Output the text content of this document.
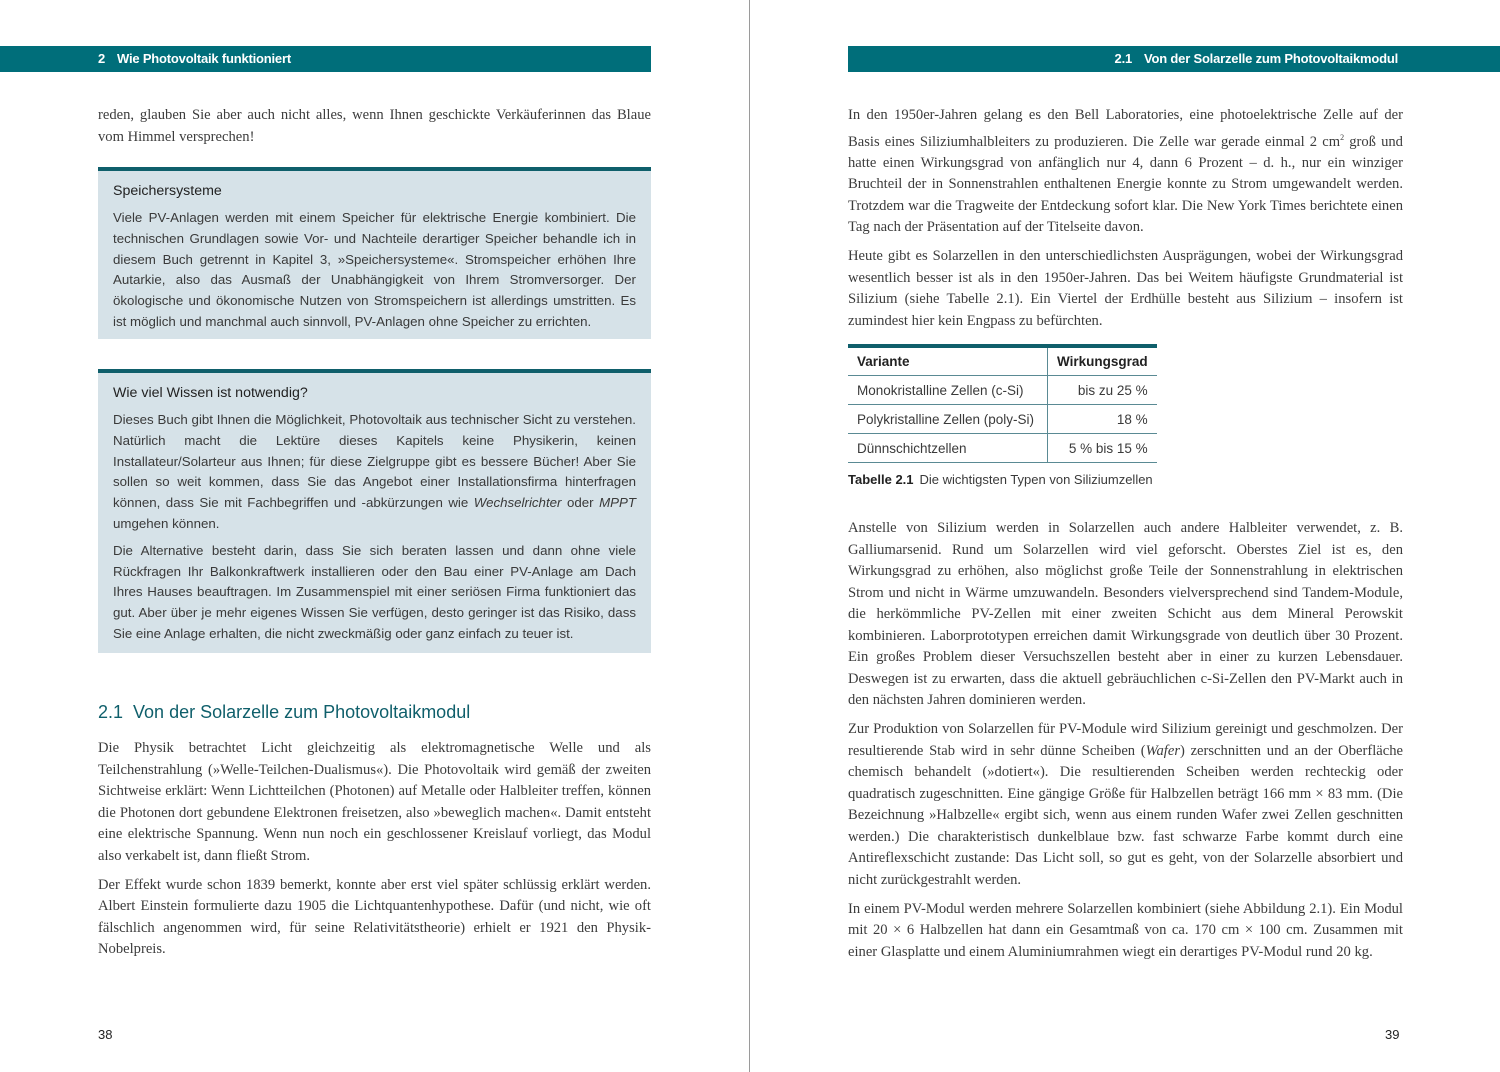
2 Wie Photovoltaik funktioniert

reden, glauben Sie aber auch nicht alles, wenn Ihnen geschickte Verkäuferinnen das Blaue vom Himmel versprechen!

Speichersysteme

Viele PV-Anlagen werden mit einem Speicher für elektrische Energie kombiniert. Die technischen Grundlagen sowie Vor- und Nachteile derartiger Speicher behandle ich in diesem Buch getrennt in Kapitel 3, »Speichersysteme«. Stromspeicher erhöhen Ihre Autarkie, also das Ausmaß der Unabhängigkeit von Ihrem Stromversorger. Der ökologische und ökonomische Nutzen von Stromspeichern ist allerdings umstritten. Es ist möglich und manchmal auch sinnvoll, PV-Anlagen ohne Speicher zu errichten.

Wie viel Wissen ist notwendig?

Dieses Buch gibt Ihnen die Möglichkeit, Photovoltaik aus technischer Sicht zu verstehen. Natürlich macht die Lektüre dieses Kapitels keine Physikerin, keinen Installateur/Solarteur aus Ihnen; für diese Zielgruppe gibt es bessere Bücher! Aber Sie sollen so weit kommen, dass Sie das Angebot einer Installationsfirma hinterfragen können, dass Sie mit Fachbegriffen und -abkürzungen wie Wechselrichter oder MPPT umgehen können.

Die Alternative besteht darin, dass Sie sich beraten lassen und dann ohne viele Rückfragen Ihr Balkonkraftwerk installieren oder den Bau einer PV-Anlage am Dach Ihres Hauses beauftragen. Im Zusammenspiel mit einer seriösen Firma funktioniert das gut. Aber über je mehr eigenes Wissen Sie verfügen, desto geringer ist das Risiko, dass Sie eine Anlage erhalten, die nicht zweckmäßig oder ganz einfach zu teuer ist.

2.1 Von der Solarzelle zum Photovoltaikmodul

Die Physik betrachtet Licht gleichzeitig als elektromagnetische Welle und als Teilchenstrahlung (»Welle-Teilchen-Dualismus«). Die Photovoltaik wird gemäß der zweiten Sichtweise erklärt: Wenn Lichtteilchen (Photonen) auf Metalle oder Halbleiter treffen, können die Photonen dort gebundene Elektronen freisetzen, also »beweglich machen«. Damit entsteht eine elektrische Spannung. Wenn nun noch ein geschlossener Kreislauf vorliegt, das Modul also verkabelt ist, dann fließt Strom.

Der Effekt wurde schon 1839 bemerkt, konnte aber erst viel später schlüssig erklärt werden. Albert Einstein formulierte dazu 1905 die Lichtquantenhypothese. Dafür (und nicht, wie oft fälschlich angenommen wird, für seine Relativitätstheorie) erhielt er 1921 den Physik-Nobelpreis.

38
2.1 Von der Solarzelle zum Photovoltaikmodul

In den 1950er-Jahren gelang es den Bell Laboratories, eine photoelektrische Zelle auf der Basis eines Siliziumhalbleiters zu produzieren. Die Zelle war gerade einmal 2 $cm^2$ groß und hatte einen Wirkungsgrad von anfänglich nur 4, dann 6 Prozent – d. h., nur ein winziger Bruchteil der in Sonnenstrahlen enthaltenen Energie konnte zu Strom umgewandelt werden. Trotzdem war die Tragweite der Entdeckung sofort klar. Die New York Times berichtete einen Tag nach der Präsentation auf der Titelseite davon.

Heute gibt es Solarzellen in den unterschiedlichsten Ausprägungen, wobei der Wirkungsgrad wesentlich besser ist als in den 1950er-Jahren. Das bei Weitem häufigste Grundmaterial ist Silizium (siehe Tabelle 2.1). Ein Viertel der Erdhülle besteht aus Silizium – insofern ist zumindest hier kein Engpass zu befürchten.

Variante	Wirkungsgrad
Monokristalline Zellen (c-Si)	bis zu 25 %
Polykristalline Zellen (poly-Si)	18 %
Dünnschichtzellen	5 % bis 15 %
Tabelle 2.1 Die wichtigsten Typen von Siliziumzellen

Anstelle von Silizium werden in Solarzellen auch andere Halbleiter verwendet, z. B. Galliumarsenid. Rund um Solarzellen wird viel geforscht. Oberstes Ziel ist es, den Wirkungsgrad zu erhöhen, also möglichst große Teile der Sonnenstrahlung in elektrischen Strom und nicht in Wärme umzuwandeln. Besonders vielversprechend sind Tandem-Module, die herkömmliche PV-Zellen mit einer zweiten Schicht aus dem Mineral Perowskit kombinieren. Laborprototypen erreichen damit Wirkungsgrade von deutlich über 30 Prozent. Ein großes Problem dieser Versuchszellen besteht aber in einer zu kurzen Lebensdauer. Deswegen ist zu erwarten, dass die aktuell gebräuchlichen c-Si-Zellen den PV-Markt auch in den nächsten Jahren dominieren werden.

Zur Produktion von Solarzellen für PV-Module wird Silizium gereinigt und geschmolzen. Der resultierende Stab wird in sehr dünne Scheiben (Wafer) zerschnitten und an der Oberfläche chemisch behandelt (»dotiert«). Die resultierenden Scheiben werden rechteckig oder quadratisch zugeschnitten. Eine gängige Größe für Halbzellen beträgt 166 mm × 83 mm. (Die Bezeichnung »Halbzelle« ergibt sich, wenn aus einem runden Wafer zwei Zellen geschnitten werden.) Die charakteristisch dunkelblaue bzw. fast schwarze Farbe kommt durch eine Antireflexschicht zustande: Das Licht soll, so gut es geht, von der Solarzelle absorbiert und nicht zurückgestrahlt werden.

In einem PV-Modul werden mehrere Solarzellen kombiniert (siehe Abbildung 2.1). Ein Modul mit 20 × 6 Halbzellen hat dann ein Gesamtmaß von ca. 170 cm × 100 cm. Zusammen mit einer Glasplatte und einem Aluminiumrahmen wiegt ein derartiges PV-Modul rund 20 kg.

39
